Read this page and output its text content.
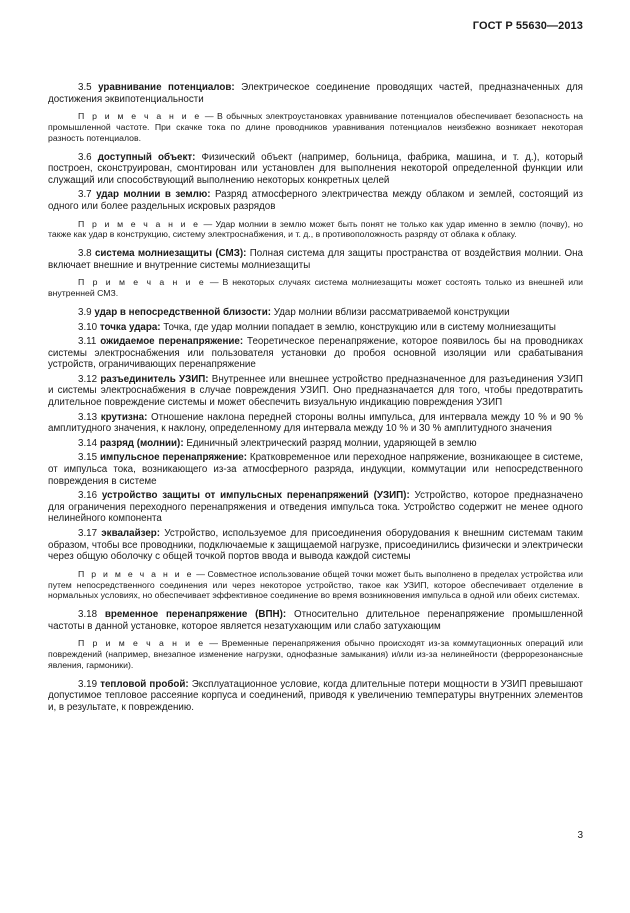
ГОСТ Р 55630—2013

3.5 уравнивание потенциалов: Электрическое соединение проводящих частей, предназначенных для достижения эквипотенциальности

П р и м е ч а н и е — В обычных электроустановках уравнивание потенциалов обеспечивает безопасность на промышленной частоте. При скачке тока по длине проводников уравнивания потенциалов неизбежно возникает некоторая разность потенциалов.

3.6 доступный объект: Физический объект (например, больница, фабрика, машина, и т. д.), который построен, сконструирован, смонтирован или установлен для выполнения некоторой определенной функции или служащий или способствующий выполнению некоторых конкретных целей

3.7 удар молнии в землю: Разряд атмосферного электричества между облаком и землей, состоящий из одного или более раздельных искровых разрядов

П р и м е ч а н и е — Удар молнии в землю может быть понят не только как удар именно в землю (почву), но также как удар в конструкцию, систему электроснабжения, и т. д., в противоположность разряду от облака к облаку.

3.8 система молниезащиты (СМЗ): Полная система для защиты пространства от воздействия молнии. Она включает внешние и внутренние системы молниезащиты

П р и м е ч а н и е — В некоторых случаях система молниезащиты может состоять только из внешней или внутренней СМЗ.

3.9 удар в непосредственной близости: Удар молнии вблизи рассматриваемой конструкции

3.10 точка удара: Точка, где удар молнии попадает в землю, конструкцию или в систему молниезащиты

3.11 ожидаемое перенапряжение: Теоретическое перенапряжение, которое появилось бы на проводниках системы электроснабжения или пользователя установки до пробоя основной изоляции или срабатывания устройств, ограничивающих перенапряжение

3.12 разъединитель УЗИП: Внутреннее или внешнее устройство предназначенное для разъединения УЗИП и системы электроснабжения в случае повреждения УЗИП. Оно предназначается для того, чтобы предотвратить длительное повреждение системы и может обеспечить визуальную индикацию повреждения УЗИП

3.13 крутизна: Отношение наклона передней стороны волны импульса, для интервала между 10 % и 90 % амплитудного значения, к наклону, определенному для интервала между 10 % и 30 % амплитудного значения

3.14 разряд (молнии): Единичный электрический разряд молнии, ударяющей в землю

3.15 импульсное перенапряжение: Кратковременное или переходное напряжение, возникающее в системе, от импульса тока, возникающего из-за атмосферного разряда, индукции, коммутации или непосредственного повреждения в системе

3.16 устройство защиты от импульсных перенапряжений (УЗИП): Устройство, которое предназначено для ограничения переходного перенапряжения и отведения импульса тока. Устройство содержит не менее одного нелинейного компонента

3.17 эквалайзер: Устройство, используемое для присоединения оборудования к внешним системам таким образом, чтобы все проводники, подключаемые к защищаемой нагрузке, присоединились физически и электрически через общую оболочку с общей точкой портов ввода и вывода каждой системы

П р и м е ч а н и е — Совместное использование общей точки может быть выполнено в пределах устройства или путем непосредственного соединения или через некоторое устройство, такое как УЗИП, которое обеспечивает отделение в нормальных условиях, но обеспечивает эффективное соединение во время возникновения импульса в одной или обеих системах.

3.18 временное перенапряжение (ВПН): Относительно длительное перенапряжение промышленной частоты в данной установке, которое является незатухающим или слабо затухающим

П р и м е ч а н и е — Временные перенапряжения обычно происходят из-за коммутационных операций или повреждений (например, внезапное изменение нагрузки, однофазные замыкания) и/или из-за нелинейности (феррорезонансные явления, гармоники).

3.19 тепловой пробой: Эксплуатационное условие, когда длительные потери мощности в УЗИП превышают допустимое тепловое рассеяние корпуса и соединений, приводя к увеличению температуры внутренних элементов и, в результате, к повреждению.

3
